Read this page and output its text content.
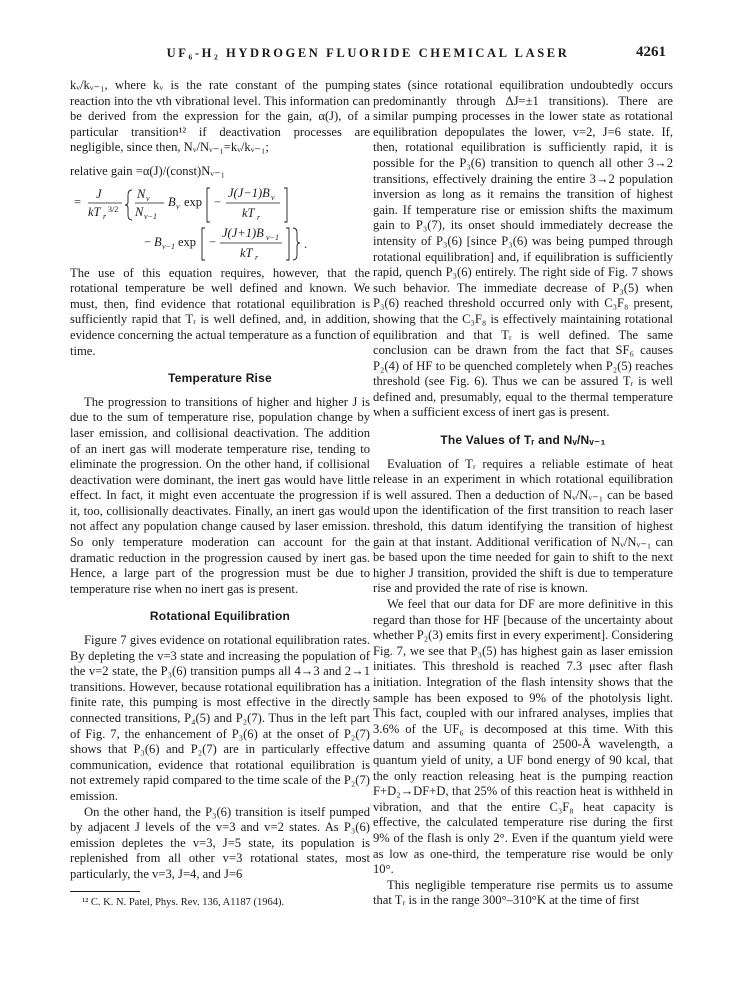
UF₆-H₂ HYDROGEN FLUORIDE CHEMICAL LASER	4261

kᵥ/kᵥ₋₁, where kᵥ is the rate constant of the pumping reaction into the vth vibrational level. This information can be derived from the expression for the gain, α(J), of a particular transition¹² if deactivation processes are negligible, since then, Nᵥ/Nᵥ₋₁=kᵥ/kᵥ₋₁;

relative gain =α(J)/(const)Nᵥ₋₁

=
J
kT r
3/2
N v
N v−1
B v exp −
J(J−1)B v
kT r
− B v−1 exp −
J(J+1)B v−1
kT r
.

The use of this equation requires, however, that the rotational temperature be well defined and known. We must, then, find evidence that rotational equilibration is sufficiently rapid that Tᵣ is well defined, and, in addition, evidence concerning the actual temperature as a function of time.

Temperature Rise

The progression to transitions of higher and higher J is due to the sum of temperature rise, population change by laser emission, and collisional deactivation. The addition of an inert gas will moderate temperature rise, tending to eliminate the progression. On the other hand, if collisional deactivation were dominant, the inert gas would have little effect. In fact, it might even accentuate the progression if it, too, collisionally deactivates. Finally, an inert gas would not affect any population change caused by laser emission. So only temperature moderation can account for the dramatic reduction in the progression caused by inert gas. Hence, a large part of the progression must be due to temperature rise when no inert gas is present.

Rotational Equilibration

Figure 7 gives evidence on rotational equilibration rates. By depleting the v=3 state and increasing the population of the v=2 state, the P₃(6) transition pumps all 4→3 and 2→1 transitions. However, because rotational equilibration has a finite rate, this pumping is most effective in the directly connected transitions, P₄(5) and P₂(7). Thus in the left part of Fig. 7, the enhancement of P₃(6) at the onset of P₂(7) shows that P₃(6) and P₂(7) are in particularly effective communication, evidence that rotational equilibration is not extremely rapid compared to the time scale of the P₂(7) emission.

On the other hand, the P₃(6) transition is itself pumped by adjacent J levels of the v=3 and v=2 states. As P₃(6) emission depletes the v=3, J=5 state, its population is replenished from all other v=3 rotational states, most particularly, the v=3, J=4, and J=6

¹² C. K. N. Patel, Phys. Rev. 136, A1187 (1964).

states (since rotational equilibration undoubtedly occurs predominantly through ΔJ=±1 transitions). There are similar pumping processes in the lower state as rotational equilibration depopulates the lower, v=2, J=6 state. If, then, rotational equilibration is sufficiently rapid, it is possible for the P₃(6) transition to quench all other 3→2 transitions, effectively draining the entire 3→2 population inversion as long as it remains the transition of highest gain. If temperature rise or emission shifts the maximum gain to P₃(7), its onset should immediately decrease the intensity of P₃(6) [since P₃(6) was being pumped through rotational equilibration] and, if equilibration is sufficiently rapid, quench P₃(6) entirely. The right side of Fig. 7 shows such behavior. The immediate decrease of P₃(5) when P₃(6) reached threshold occurred only with C₃F₈ present, showing that the C₃F₈ is effectively maintaining rotational equilibration and that Tᵣ is well defined. The same conclusion can be drawn from the fact that SF₆ causes P₂(4) of HF to be quenched completely when P₂(5) reaches threshold (see Fig. 6). Thus we can be assured Tᵣ is well defined and, presumably, equal to the thermal temperature when a sufficient excess of inert gas is present.

The Values of Tᵣ and Nᵥ/Nᵥ₋₁

Evaluation of Tᵣ requires a reliable estimate of heat release in an experiment in which rotational equilibration is well assured. Then a deduction of Nᵥ/Nᵥ₋₁ can be based upon the identification of the first transition to reach laser threshold, this datum identifying the transition of highest gain at that instant. Additional verification of Nᵥ/Nᵥ₋₁ can be based upon the time needed for gain to shift to the next higher J transition, provided the shift is due to temperature rise and provided the rate of rise is known.

We feel that our data for DF are more definitive in this regard than those for HF [because of the uncertainty about whether P₂(3) emits first in every experiment]. Considering Fig. 7, we see that P₃(5) has highest gain as laser emission initiates. This threshold is reached 7.3 μsec after flash initiation. Integration of the flash intensity shows that the sample has been exposed to 9% of the photolysis light. This fact, coupled with our infrared analyses, implies that 3.6% of the UF₆ is decomposed at this time. With this datum and assuming quanta of 2500-Å wavelength, a quantum yield of unity, a UF bond energy of 90 kcal, that the only reaction releasing heat is the pumping reaction F+D₂→DF+D, that 25% of this reaction heat is withheld in vibration, and that the entire C₃F₈ heat capacity is effective, the calculated temperature rise during the first 9% of the flash is only 2°. Even if the quantum yield were as low as one-third, the temperature rise would be only 10°.

This negligible temperature rise permits us to assume that Tᵣ is in the range 300°–310°K at the time of first
